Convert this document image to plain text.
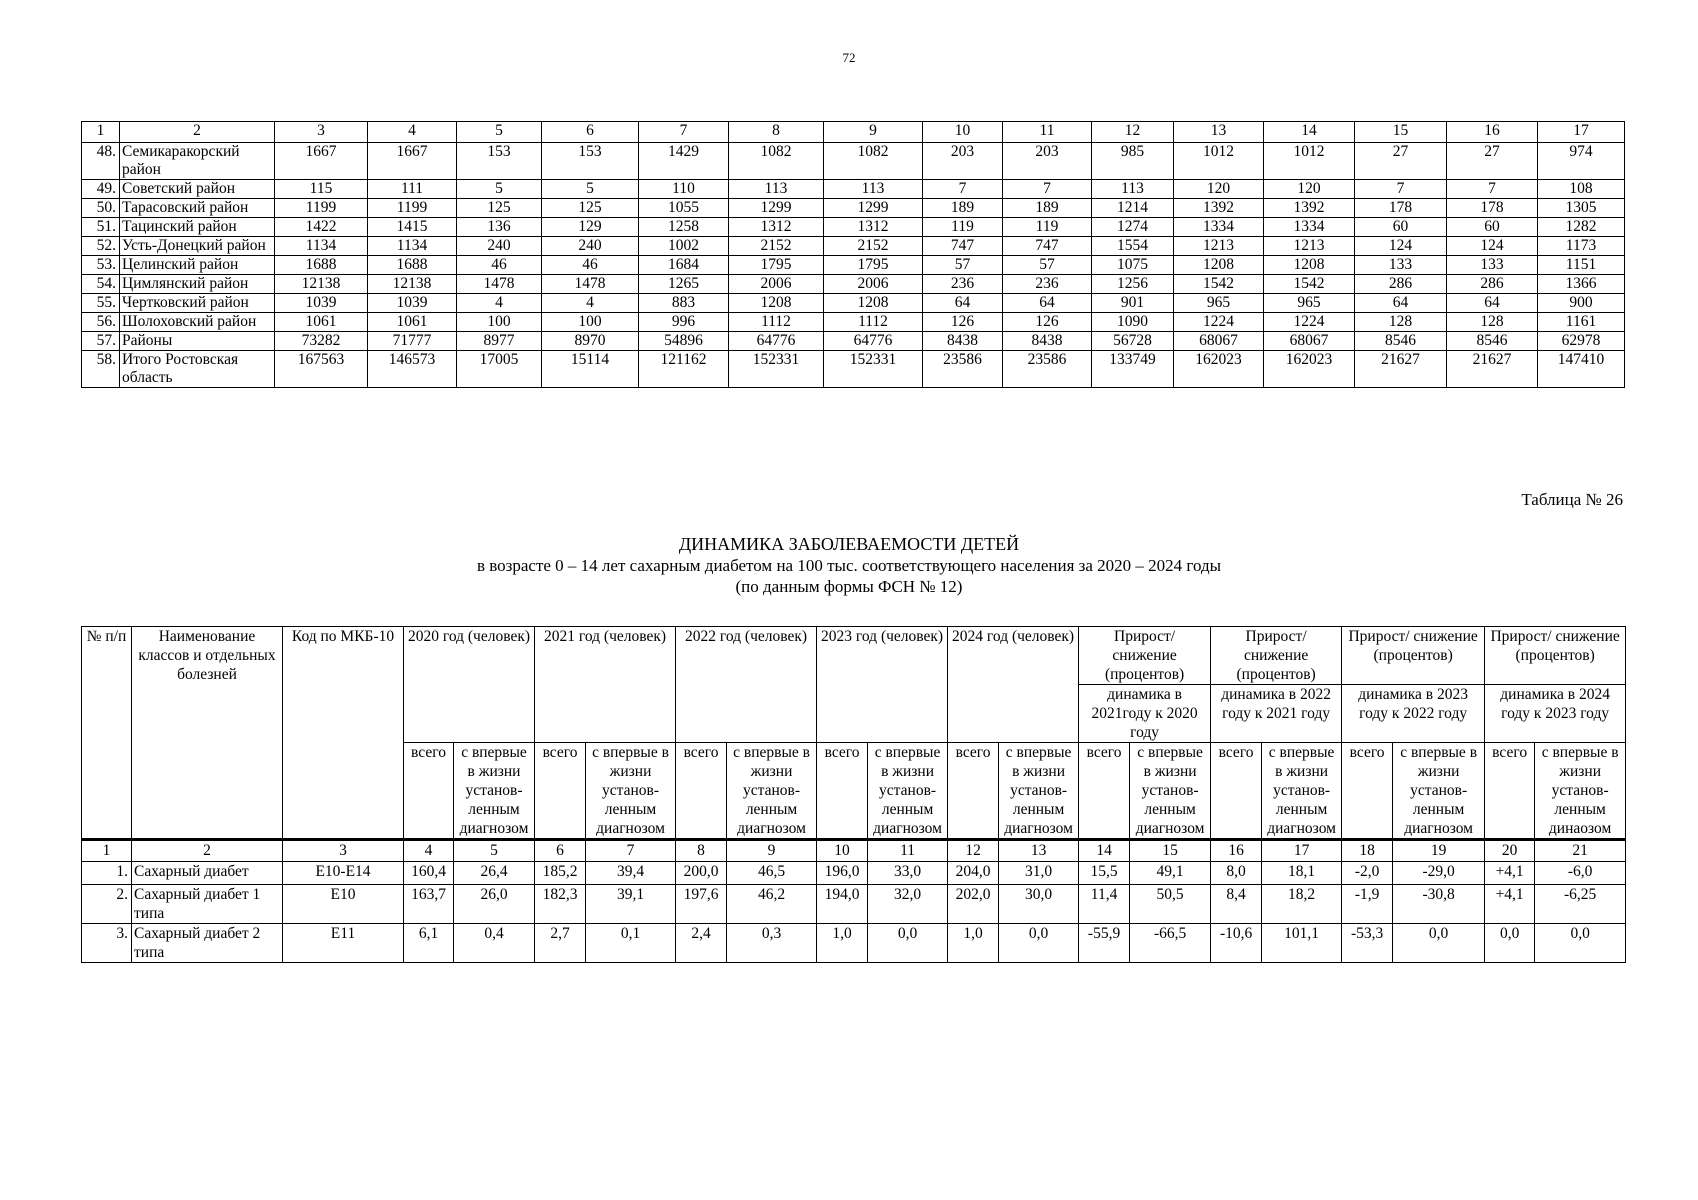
72
1	2	3	4	5	6	7	8	9	10	11	12	13	14	15	16	17
48.	Семикаракорский район	1667	1667	153	153	1429	1082	1082	203	203	985	1012	1012	27	27	974
49.	Советский район	115	111	5	5	110	113	113	7	7	113	120	120	7	7	108
50.	Тарасовский район	1199	1199	125	125	1055	1299	1299	189	189	1214	1392	1392	178	178	1305
51.	Тацинский район	1422	1415	136	129	1258	1312	1312	119	119	1274	1334	1334	60	60	1282
52.	Усть-Донецкий район	1134	1134	240	240	1002	2152	2152	747	747	1554	1213	1213	124	124	1173
53.	Целинский район	1688	1688	46	46	1684	1795	1795	57	57	1075	1208	1208	133	133	1151
54.	Цимлянский район	12138	12138	1478	1478	1265	2006	2006	236	236	1256	1542	1542	286	286	1366
55.	Чертковский район	1039	1039	4	4	883	1208	1208	64	64	901	965	965	64	64	900
56.	Шолоховский район	1061	1061	100	100	996	1112	1112	126	126	1090	1224	1224	128	128	1161
57.	Районы	73282	71777	8977	8970	54896	64776	64776	8438	8438	56728	68067	68067	8546	8546	62978
58.	Итого Ростовская область	167563	146573	17005	15114	121162	152331	152331	23586	23586	133749	162023	162023	21627	21627	147410
Таблица № 26
ДИНАМИКА ЗАБОЛЕВАЕМОСТИ ДЕТЕЙ
в возрасте 0 – 14 лет сахарным диабетом на 100 тыс. соответствующего населения за 2020 – 2024 годы
(по данным формы ФСН № 12)
№ п/п	Наименование классов и отдельных болезней	Код по МКБ-10	2020 год (человек)		2021 год (человек)		2022 год (человек)		2023 год (человек)		2024 год (человек)		Прирост/ снижение (процентов)		Прирост/ снижение (процентов)		Прирост/ снижение (процентов)		Прирост/ снижение (процентов)	
													динамика в 2021году к 2020 году		динамика в 2022 году к 2021 году		динамика в 2023 году к 2022 году		динамика в 2024 году к 2023 году	
			всего	с впервые в жизни установ-ленным диагнозом	всего	с впервые в жизни установ-ленным диагнозом	всего	с впервые в жизни установ-ленным диагнозом	всего	с впервые в жизни установ-ленным диагнозом	всего	с впервые в жизни установ-ленным диагнозом	всего	с впервые в жизни установ-ленным диагнозом	всего	с впервые в жизни установ-ленным диагнозом	всего	с впервые в жизни установ-ленным диагнозом	всего	с впервые в жизни установ-ленным динаозом
1	2	3	4	5	6	7	8	9	10	11	12	13	14	15	16	17	18	19	20	21
1.	Сахарный диабет	Е10-Е14	160,4	26,4	185,2	39,4	200,0	46,5	196,0	33,0	204,0	31,0	15,5	49,1	8,0	18,1	-2,0	-29,0	+4,1	-6,0
2.	Сахарный диабет 1 типа	Е10	163,7	26,0	182,3	39,1	197,6	46,2	194,0	32,0	202,0	30,0	11,4	50,5	8,4	18,2	-1,9	-30,8	+4,1	-6,25
3.	Сахарный диабет 2 типа	Е11	6,1	0,4	2,7	0,1	2,4	0,3	1,0	0,0	1,0	0,0	-55,9	-66,5	-10,6	101,1	-53,3	0,0	0,0	0,0
